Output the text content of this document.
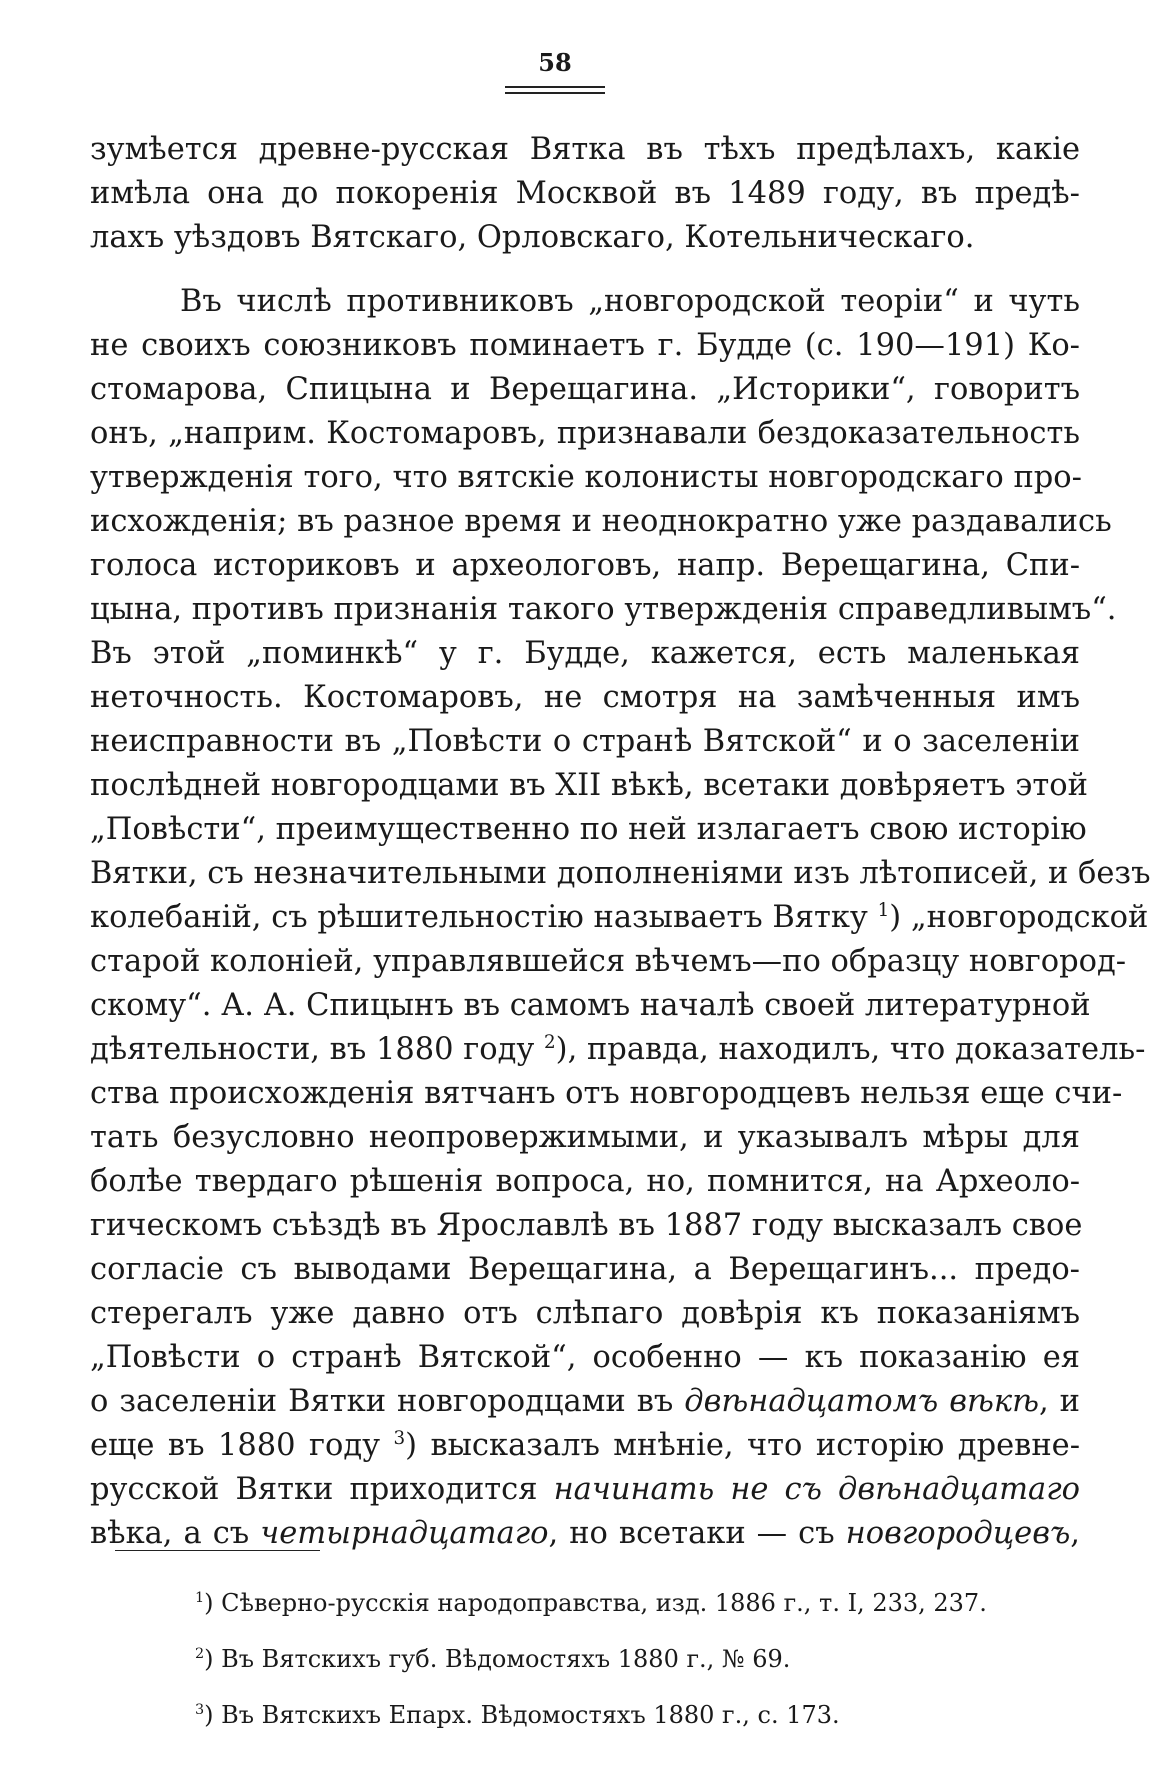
58
зумѣется древне-русская Вятка въ тѣхъ предѣлахъ, какіе
имѣла она до покоренія Москвой въ 1489 году, въ предѣ-
лахъ уѣздовъ Вятскаго, Орловскаго, Котельническаго.
Въ числѣ противниковъ „новгородской теоріи“ и чуть
не своихъ союзниковъ поминаетъ г. Будде (с. 190—191) Ко-
стомарова, Спицына и Верещагина. „Историки“, говоритъ
онъ, „наприм. Костомаровъ, признавали бездоказательность
утвержденія того, что вятскіе колонисты новгородскаго про-
исхожденія; въ разное время и неоднократно уже раздавались
голоса историковъ и археологовъ, напр. Верещагина, Спи-
цына, противъ признанія такого утвержденія справедливымъ“.
Въ этой „поминкѣ“ у г. Будде, кажется, есть маленькая
неточность. Костомаровъ, не смотря на замѣченныя имъ
неисправности въ „Повѣсти о странѣ Вятской“ и о заселеніи
послѣдней новгородцами въ XII вѣкѣ, всетаки довѣряетъ этой
„Повѣсти“, преимущественно по ней излагаетъ свою исторію
Вятки, съ незначительными дополненіями изъ лѣтописей, и безъ
колебаній, съ рѣшительностію называетъ Вятку $^1$) „новгородской
старой колоніей, управлявшейся вѣчемъ—по образцу новгород-
скому“. А. А. Спицынъ въ самомъ началѣ своей литературной
дѣятельности, въ 1880 году $^2$), правда, находилъ, что доказатель-
ства происхожденія вятчанъ отъ новгородцевъ нельзя еще счи-
тать безусловно неопровержимыми, и указывалъ мѣры для
болѣе твердаго рѣшенія вопроса, но, помнится, на Археоло-
гическомъ съѣздѣ въ Ярославлѣ въ 1887 году высказалъ свое
согласіе съ выводами Верещагина, а Верещагинъ... предо-
стерегалъ уже давно отъ слѣпаго довѣрія къ показаніямъ
„Повѣсти о странѣ Вятской“, особенно — къ показанію ея
о заселеніи Вятки новгородцами въ двѣнадцатомъ вѣкѣ, и
еще въ 1880 году $^3$) высказалъ мнѣніе, что исторію древне-
русской Вятки приходится начинать не съ двѣнадцатаго
вѣка, а съ четырнадцатаго, но всетаки — съ новгородцевъ,
$^1$) Сѣверно-русскія народоправства, изд. 1886 г., т. I, 233, 237.
$^2$) Въ Вятскихъ губ. Вѣдомостяхъ 1880 г., № 69.
$^3$) Въ Вятскихъ Епарх. Вѣдомостяхъ 1880 г., с. 173.
